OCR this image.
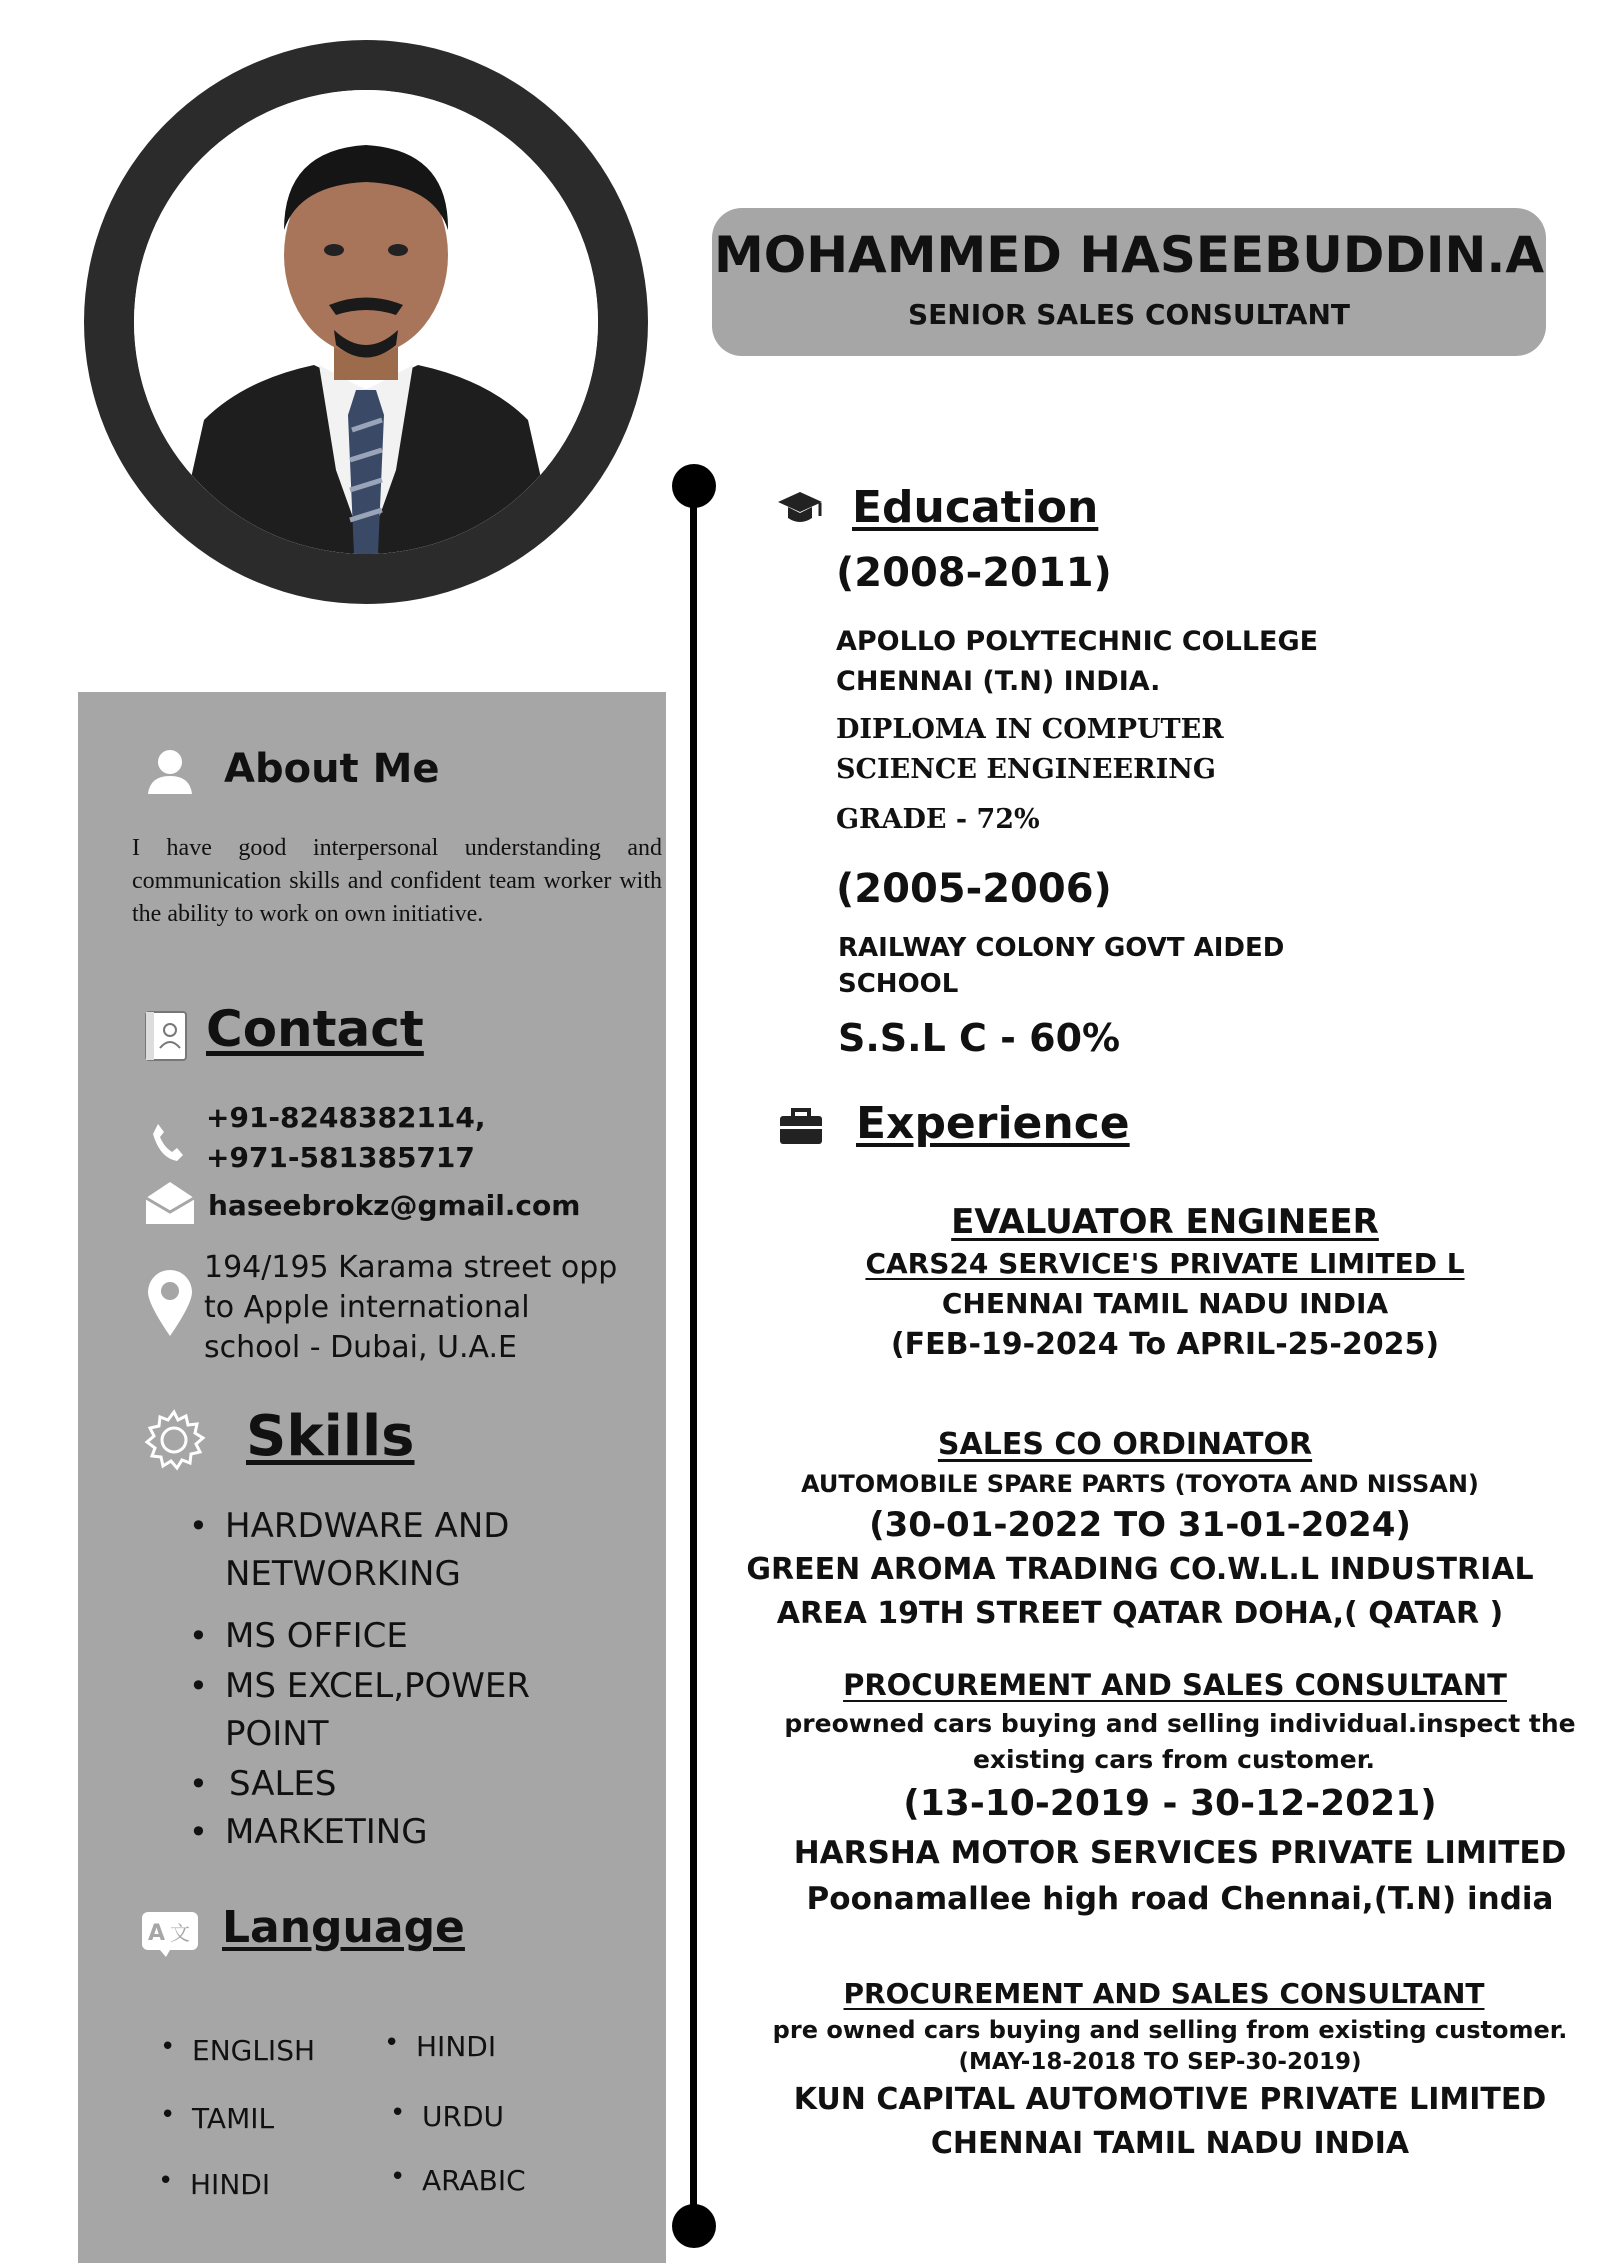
MOHAMMED HASEEBUDDIN.A
SENIOR SALES CONSULTANT
About Me
I have good interpersonal understanding and communication skills and confident team worker with the ability to work on own initiative.
Contact
+91-8248382114,
+971-581385717
haseebrokz@gmail.com
194/195 Karama street opp
to Apple international
school - Dubai, U.A.E
Skills
• HARDWARE AND
NETWORKING
• MS OFFICE
• MS EXCEL,POWER
POINT
• SALES
• MARKETING
A 文 Language
• ENGLISH
• TAMIL
• HINDI
• HINDI
• URDU
• ARABIC
Education
(2008-2011)
APOLLO POLYTECHNIC COLLEGE
CHENNAI (T.N) INDIA.
DIPLOMA IN COMPUTER
SCIENCE ENGINEERING
GRADE - 72%
(2005-2006)
RAILWAY COLONY GOVT AIDED
SCHOOL
S.S.L C - 60%
Experience
EVALUATOR ENGINEER
CARS24 SERVICE'S PRIVATE LIMITED L
CHENNAI TAMIL NADU INDIA
(FEB-19-2024 To APRIL-25-2025)
SALES CO ORDINATOR
AUTOMOBILE SPARE PARTS (TOYOTA AND NISSAN)
(30-01-2022 TO 31-01-2024)
GREEN AROMA TRADING CO.W.L.L INDUSTRIAL
AREA 19TH STREET QATAR DOHA,( QATAR )
PROCUREMENT AND SALES CONSULTANT
preowned cars buying and selling individual.inspect the
existing cars from customer.
(13-10-2019 - 30-12-2021)
HARSHA MOTOR SERVICES PRIVATE LIMITED
Poonamallee high road Chennai,(T.N) india
PROCUREMENT AND SALES CONSULTANT
pre owned cars buying and selling from existing customer.
(MAY-18-2018 TO SEP-30-2019)
KUN CAPITAL AUTOMOTIVE PRIVATE LIMITED
CHENNAI TAMIL NADU INDIA
